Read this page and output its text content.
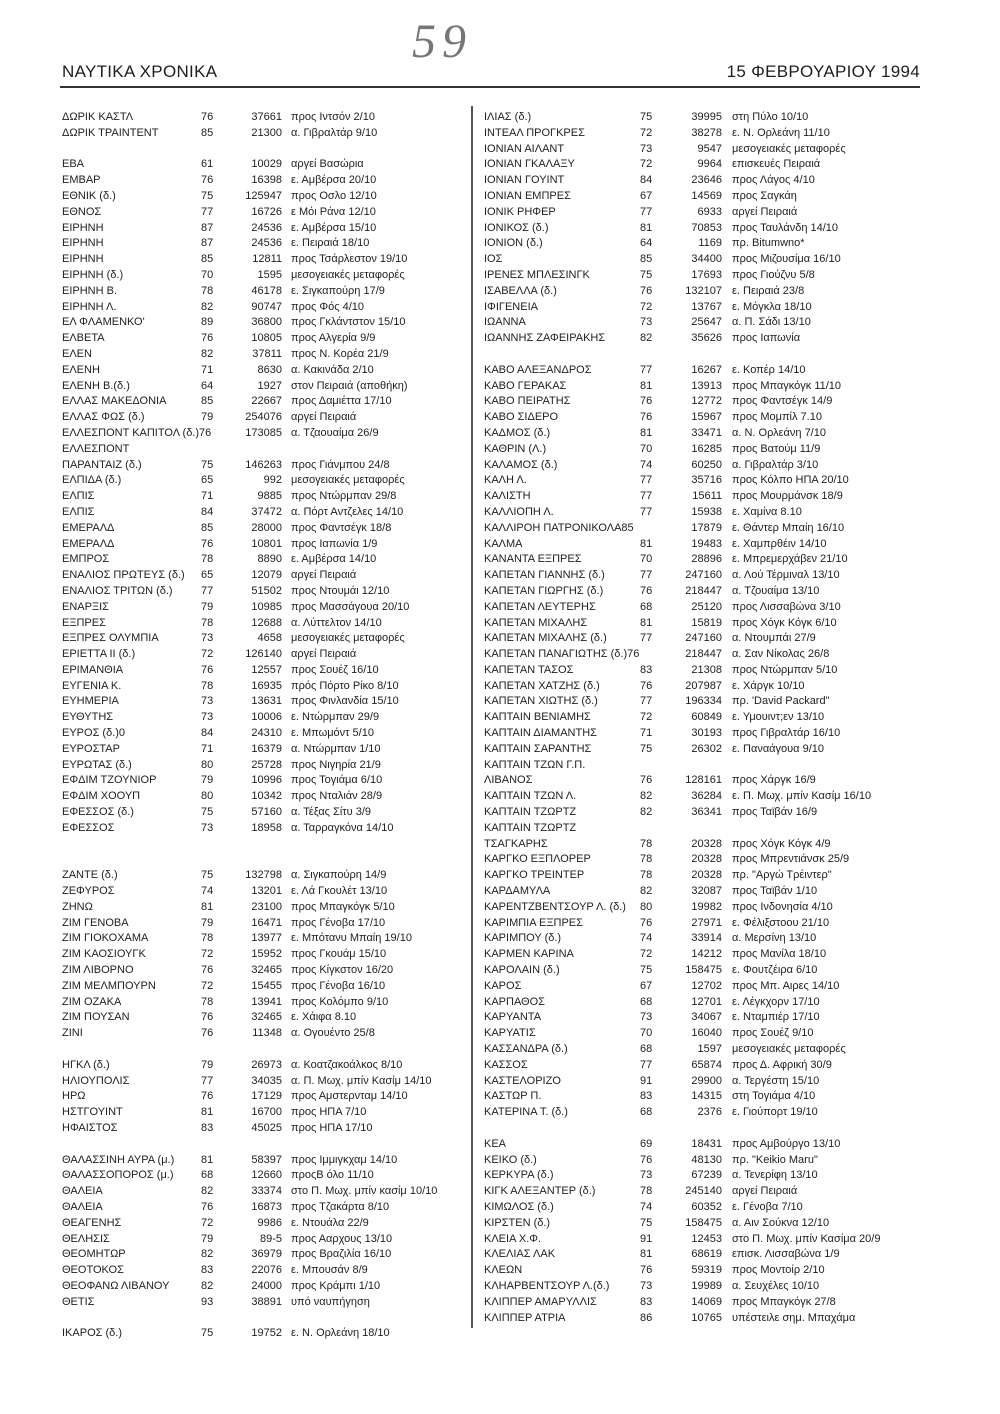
59
ΝΑΥΤΙΚΑ ΧΡΟΝΙΚΑ	15 ΦΕΒΡΟΥΑΡΙΟΥ 1994
ΔΩΡΙΚ ΚΑΣΤΛ	76	37661 προς Ιντσόν 2/10
ΔΩΡΙΚ ΤΡΑΙΝΤΕΝΤ	85	21300 α. Γιβραλτάρ 9/10
ΕΒΑ	61	10029 αργεί Βασώρια
ΕΜΒΑΡ	76	16398 ε. Αμβέρσα 20/10
ΕΘΝΙΚ (δ.)	75	125947 προς Οσλο 12/10
ΕΘΝΟΣ	77	16726 ε Μόι Ράνα 12/10
ΕΙΡΗΝΗ	87	24536 ε. Αμβέρσα 15/10
ΕΙΡΗΝΗ	87	24536 ε. Πειραιά 18/10
ΕΙΡΗΝΗ	85	12811 προς Τσάρλεστον 19/10
ΕΙΡΗΝΗ (δ.)	70	1595 μεσογειακές μεταφορές
ΕΙΡΗΝΗ Β.	78	46178 ε. Σιγκαπούρη 17/9
ΕΙΡΗΝΗ Λ.	82	90747 προς Φός 4/10
ΕΛ ΦΛΑΜΕΝΚΟ'	89	36800 προς Γκλάντστον 15/10
ΕΛΒΕΤΑ	76	10805 προς Αλγερία 9/9
ΕΛΕΝ	82	37811 προς Ν. Κορέα 21/9
ΕΛΕΝΗ	71	8630 α. Κακινάδα 2/10
ΕΛΕΝΗ Β.(δ.)	64	1927 στον Πειραιά (αποθήκη)
ΕΛΛΑΣ ΜΑΚΕΔΟΝΙΑ	85	22667 προς Δαμιέττα 17/10
ΕΛΛΑΣ ΦΩΣ (δ.)	79	254076 αργεί Πειραιά
ΕΛΛΕΣΠΟΝΤ ΚΑΠΙΤΟΛ (δ.)76	173085 α. Τζαουαίμα 26/9
ΕΛΛΕΣΠΟΝΤ
ΠΑΡΑΝΤΑΙΖ (δ.)	75	146263 προς Γιάνμπου 24/8
ΕΛΠΙΔΑ (δ.)	65	992 μεσογειακές μεταφορές
ΕΛΠΙΣ	71	9885 προς Ντώρμπαν 29/8
ΕΛΠΙΣ	84	37472 α. Πόρτ Αντζελες 14/10
ΕΜΕΡΑΛΔ	85	28000 προς Φαντσέγκ 18/8
ΕΜΕΡΑΛΔ	76	10801 προς Ιαπωνία 1/9
ΕΜΠΡΟΣ	78	8890 ε. Αμβέρσα 14/10
ΕΝΑΛΙΟΣ ΠΡΩΤΕΥΣ (δ.) 65	12079 αργεί Πειραιά
ΕΝΑΛΙΟΣ ΤΡΙΤΩΝ (δ.)	77	51502 προς Ντουμάι 12/10
ΕΝΑΡΞΙΣ	79	10985 προς Μασσάγουα 20/10
ΕΞΠΡΕΣ	78	12688 α. Λύττελτον 14/10
ΕΞΠΡΕΣ ΟΛΥΜΠΙΑ	73	4658 μεσογειακές μεταφορές
ΕΡΙΕΤΤΑ ΙΙ (δ.)	72	126140 αργεί Πειραιά
ΕΡΙΜΑΝΘΙΑ	76	12557 προς Σουέζ 16/10
ΕΥΓΕΝΙΑ Κ.	78	16935 πρός Πόρτο Ρίκο 8/10
ΕΥΗΜΕΡΙΑ	73	13631 προς Φινλανδία 15/10
ΕΥΘΥΤΗΣ	73	10006 ε. Ντώρμπαν 29/9
ΕΥΡΟΣ (δ.)0	84	24310 ε. Μπωμόντ 5/10
ΕΥΡΟΣΤΑΡ	71	16379 α. Ντώρμπαν 1/10
ΕΥΡΩΤΑΣ (δ.)	80	25728 προς Νιγηρία 21/9
ΕΦΔΙΜ ΤΖΟΥΝΙΟΡ	79	10996 προς Τογιάμα 6/10
ΕΦΔΙΜ ΧΟΟΥΠ	80	10342 προς Νταλιάν 28/9
ΕΦΕΣΣΟΣ (δ.)	75	57160 α. Τέξας Σίτυ 3/9
ΕΦΕΣΣΟΣ	73	18958 α. Ταρραγκόνα 14/10
ΖΑΝΤΕ (δ.)	75	132798 α. Σιγκαπούρη 14/9
ΖΕΦΥΡΟΣ	74	13201 ε. Λά Γκουλέτ 13/10
ΖΗΝΩ	81	23100 προς Μπαγκόγκ 5/10
ΖΙΜ ΓΕΝΟΒΑ	79	16471 προς Γένοβα 17/10
ΖΙΜ ΓΙΟΚΟΧΑΜΑ	78	13977 ε. Μπότανυ Μπαίη 19/10
ΖΙΜ ΚΑΟΣΙΟΥΓΚ	72	15952 προς Γκουάμ 15/10
ΖΙΜ ΛΙΒΟΡΝΟ	76	32465 προς Κίγκστον 16/20
ΖΙΜ ΜΕΛΜΠΟΥΡΝ	72	15455 προς Γένοβα 16/10
ΖΙΜ ΟΖΑΚΑ	78	13941 προς Κολόμπο 9/10
ΖΙΜ ΠΟΥΣΑΝ	76	32465 ε. Χάιφα 8.10
ΖΙΝΙ	76	11348 α. Ογουέντο 25/8
ΗΓΚΛ (δ.)	79	26973 α. Κοατζακοάλκος 8/10
ΗΛΙΟΥΠΟΛΙΣ	77	34035 α. Π. Μωχ. μπίν Κασίμ 14/10
ΗΡΩ	76	17129 προς Αμστερνταμ 14/10
ΗΣΤΓΟΥΙΝΤ	81	16700 προς ΗΠΑ 7/10
ΗΦΑΙΣΤΟΣ	83	45025 προς ΗΠΑ 17/10
ΘΑΛΑΣΣΙΝΗ ΑΥΡΑ (μ.) 81	58397 προς Ιμμιγκχαμ 14/10
ΘΑΛΑΣΣΟΠΟΡΟΣ (μ.) 68	12660 προςΒ όλο 11/10
ΘΑΛΕΙΑ	82	33374 στο Π. Μωχ. μπίν κασίμ 10/10
ΘΑΛΕΙΑ	76	16873 προς Τζακάρτα 8/10
ΘΕΑΓΕΝΗΣ	72	9986 ε. Ντουάλα 22/9
ΘΕΛΗΣΙΣ	79	89-5 προς Ααρχους 13/10
ΘΕΟΜΗΤΩΡ	82	36979 προς Βραζιλία 16/10
ΘΕΟΤΟΚΟΣ	83	22076 ε. Μπουσάν 8/9
ΘΕΟΦΑΝΩ ΛΙΒΑΝΟΥ	82	24000 προς Κράμπι 1/10
ΘΕΤΙΣ	93	38891 υπό ναυπήγηση
ΙΚΑΡΟΣ (δ.)	75	19752 ε. Ν. Ορλεάνη 18/10
ΙΛΙΑΣ (δ.)	75	39995 στη Πύλο 10/10
ΙΝΤΕΑΛ ΠΡΟΓΚΡΕΣ	72	38278 ε. Ν. Ορλεάνη 11/10
ΙΟΝΙΑΝ ΑΙΛΑΝΤ	73	9547 μεσογειακές μεταφορές
ΙΟΝΙΑΝ ΓΚΑΛΑΞΥ	72	9964 επισκευές Πειραιά
ΙΟΝΙΑΝ ΓΟΥΙΝΤ	84	23646 προς Λάγος 4/10
ΙΟΝΙΑΝ ΕΜΠΡΕΣ	67	14569 προς Σαγκάη
ΙΟΝΙΚ ΡΗΦΕΡ	77	6933 αργεί Πειραιά
ΙΟΝΙΚΟΣ (δ.)	81	70853 προς Ταυλάνδη 14/10
ΙΟΝΙΟΝ (δ.)	64	1169 πρ. Bitumwno*
ΙΟΣ	85	34400 προς Μιζουσίμα 16/10
ΙΡΕΝΕΣ ΜΠΛΕΣΙΝΓΚ	75	17693 προς Γιούζνυ 5/8
ΙΣΑΒΕΛΛΑ (δ.)	76	132107 ε. Πειραιά 23/8
ΙΦΙΓΕΝΕΙΑ	72	13767 ε. Μόγκλα 18/10
ΙΩΑΝΝΑ	73	25647 α. Π. Σάδι 13/10
ΙΩΑΝΝΗΣ ΖΑΦΕΙΡΑΚΗΣ	82	35626 προς Ιαπωνία
ΚΑΒΟ ΑΛΕΞΑΝΔΡΟΣ	77	16267 ε. Κοπέρ 14/10
ΚΑΒΟ ΓΕΡΑΚΑΣ	81	13913 προς Μπαγκόγκ 11/10
ΚΑΒΟ ΠΕΙΡΑΤΗΣ	76	12772 προς Φαντσέγκ 14/9
ΚΑΒΟ ΣΙΔΕΡΟ	76	15967 προς Μομπίλ 7.10
ΚΑΔΜΟΣ (δ.)	81	33471 α. Ν. Ορλεάνη 7/10
ΚΑΘΡΙΝ (Λ.)	70	16285 προς Βατούμ 11/9
ΚΑΛΑΜΟΣ (δ.)	74	60250 α. Γιβραλτάρ 3/10
ΚΑΛΗ Λ.	77	35716 προς Κόλπο ΗΠΑ 20/10
ΚΑΛΙΣΤΗ	77	15611 προς Μουρμάνσκ 18/9
ΚΑΛΛΙΟΠΗ Λ.	77	15938 ε. Χαμίνα 8.10
ΚΑΛΛΙΡΟΗ ΠΑΤΡΟΝΙΚΟΛΑ85	17879 ε. Θάντερ Μπαίη 16/10
ΚΑΛΜΑ	81	19483 ε. Χαμπρθέιν 14/10
ΚΑΝΑΝΤΑ ΕΞΠΡΕΣ	70	28896 ε. Μπρεμερχάβεν 21/10
ΚΑΠΕΤΑΝ ΓΙΑΝΝΗΣ (δ.)	77	247160 α. Λού Τέρμιναλ 13/10
ΚΑΠΕΤΑΝ ΓΙΩΡΓΗΣ (δ.)	76	218447 α. Τζουαίμα 13/10
ΚΑΠΕΤΑΝ ΛΕΥΤΕΡΗΣ	68	25120 προς Λισσαβώνα 3/10
ΚΑΠΕΤΑΝ ΜΙΧΑΛΗΣ	81	15819 προς Χόγκ Κόγκ 6/10
ΚΑΠΕΤΑΝ ΜΙΧΑΛΗΣ (δ.)	77	247160 α. Ντουμπάι 27/9
ΚΑΠΕΤΑΝ ΠΑΝΑΓΙΩΤΗΣ (δ.)76	218447 α. Σαν Νίκολας 26/8
ΚΑΠΕΤΑΝ ΤΑΣΟΣ	83	21308 προς Ντώρμπαν 5/10
ΚΑΠΕΤΑΝ ΧΑΤΖΗΣ (δ.)	76	207987 ε. Χάργκ 10/10
ΚΑΠΕΤΑΝ ΧΙΩΤΗΣ (δ.)	77	196334 πρ. 'David Packard"
ΚΑΠΤΑΙΝ ΒΕΝΙΑΜΗΣ	72	60849 ε. Υμουιντ;εν 13/10
ΚΑΠΤΑΙΝ ΔΙΑΜΑΝΤΗΣ	71	30193 προς Γιβραλτάρ 16/10
ΚΑΠΤΑΙΝ ΣΑΡΑΝΤΗΣ	75	26302 ε. Παναάγουα 9/10
ΚΑΠΤΑΙΝ ΤΖΩΝ Γ.Π.
ΛΙΒΑΝΟΣ	76	128161 προς Χάργκ 16/9
ΚΑΠΤΑΙΝ ΤΖΩΝ Λ.	82	36284 ε. Π. Μωχ. μπίν Κασίμ 16/10
ΚΑΠΤΑΙΝ ΤΖΩΡΤΖ	82	36341 προς Ταϊβάν 16/9
ΚΑΠΤΑΙΝ ΤΖΩΡΤΖ
ΤΣΑΓΚΑΡΗΣ	78	20328 προς Χόγκ Κόγκ 4/9
ΚΑΡΓΚΟ ΕΞΠΛΟΡΕΡ	78	20328 προς Μπρεντιάνσκ 25/9
ΚΑΡΓΚΟ ΤΡΕΙΝΤΕΡ	78	20328 πρ. "Αργώ Τρέιντερ"
ΚΑΡΔΑΜΥΛΑ	82	32087 προς Ταϊβάν 1/10
ΚΑΡΕΝΤΖΒΕΝΤΣΟΥΡ Λ. (δ.) 80	19982 προς Ινδονησία 4/10
ΚΑΡΙΜΠΙΑ ΕΞΠΡΕΣ	76	27971 ε. Φέλιξστοου 21/10
ΚΑΡΙΜΠΟΥ (δ.)	74	33914 α. Μερσίνη 13/10
ΚΑΡΜΕΝ ΚΑΡΙΝΑ	72	14212 προς Μανίλα 18/10
ΚΑΡΟΛΑΙΝ (δ.)	75	158475 ε. Φουτζέιρα 6/10
ΚΑΡΟΣ	67	12702 προς Μπ. Αιρες 14/10
ΚΑΡΠΑΘΟΣ	68	12701 ε. Λέγκχορν 17/10
ΚΑΡΥΑΝΤΑ	73	34067 ε. Νταμπιέρ 17/10
ΚΑΡΥΑΤΙΣ	70	16040 προς Σουέζ 9/10
ΚΑΣΣΑΝΔΡΑ (δ.)	68	1597 μεσογειακές μεταφορές
ΚΑΣΣΟΣ	77	65874 προς Δ. Αφρική 30/9
ΚΑΣΤΕΛΟΡΙΖΟ	91	29900 α. Τεργέστη 15/10
ΚΑΣΤΩΡ Π.	83	14315 στη Τογιάμα 4/10
ΚΑΤΕΡΙΝΑ Τ. (δ.)	68	2376 ε. Γιούπορτ 19/10
ΚΕΑ	69	18431 προς Αμβούργο 13/10
ΚΕΙΚΟ (δ.)	76	48130 πρ. "Keikio Maru"
ΚΕΡΚΥΡΑ (δ.)	73	67239 α. Τενερίφη 13/10
ΚΙΓΚ ΑΛΕΞΑΝΤΕΡ (δ.)	78	245140 αργεί Πειραιά
ΚΙΜΩΛΟΣ (δ.)	74	60352 ε. Γένοβα 7/10
ΚΙΡΣΤΕΝ (δ.)	75	158475 α. Αιν Σούκνα 12/10
ΚΛΕΙΑ Χ.Φ.	91	12453 στο Π. Μωχ. μπίν Κασίμα 20/9
ΚΛΕΛΙΑΣ ΛΑΚ	81	68619 επισκ. Λισσαβώνα 1/9
ΚΛΕΩΝ	76	59319 προς Μοντοίρ 2/10
ΚΛΗΑΡΒΕΝΤΣΟΥΡ Λ.(δ.)	73	19989 α. Σευχέλες 10/10
ΚΛΙΠΠΕΡ ΑΜΑΡΥΛΛΙΣ	83	14069 προς Μπαγκόγκ 27/8
ΚΛΙΠΠΕΡ ΑΤΡΙΑ	86	10765 υπέστειλε σημ. Μπαχάμα
